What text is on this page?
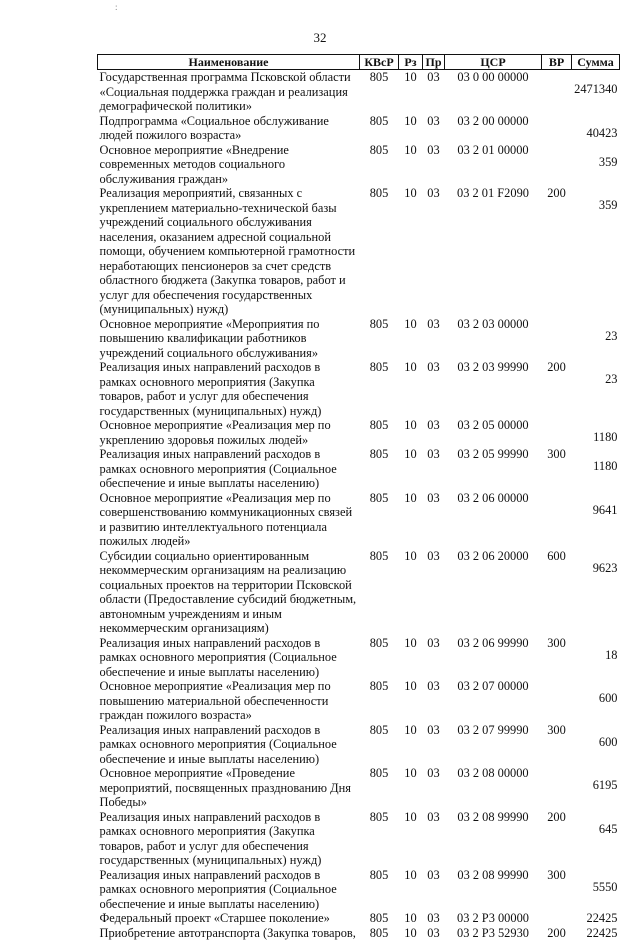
:
32
Наименование	КВсР	Рз	Пр	ЦСР	ВР	Сумма
Государственная программа Псковской области «Социальная поддержка граждан и реализация демографической политики»	805	10	03	03 0 00 00000		2471340
Подпрограмма «Социальное обслуживание людей пожилого возраста»	805	10	03	03 2 00 00000		40423
Основное мероприятие «Внедрение современных методов социального обслуживания граждан»	805	10	03	03 2 01 00000		359
Реализация мероприятий, связанных с укреплением материально-технической базы учреждений социального обслуживания населения, оказанием адресной социальной помощи, обучением компьютерной грамотности неработающих пенсионеров за счет средств областного бюджета (Закупка товаров, работ и услуг для обеспечения государственных (муниципальных) нужд)	805	10	03	03 2 01 F2090	200	359
Основное мероприятие «Мероприятия по повышению квалификации работников учреждений социального обслуживания»	805	10	03	03 2 03 00000		23
Реализация иных направлений расходов в рамках основного мероприятия (Закупка товаров, работ и услуг для обеспечения государственных (муниципальных) нужд)	805	10	03	03 2 03 99990	200	23
Основное мероприятие «Реализация мер по укреплению здоровья пожилых людей»	805	10	03	03 2 05 00000		1180
Реализация иных направлений расходов в рамках основного мероприятия (Социальное обеспечение и иные выплаты населению)	805	10	03	03 2 05 99990	300	1180
Основное мероприятие «Реализация мер по совершенствованию коммуникационных связей и развитию интеллектуального потенциала пожилых людей»	805	10	03	03 2 06 00000		9641
Субсидии социально ориентированным некоммерческим организациям на реализацию социальных проектов на территории Псковской области (Предоставление субсидий бюджетным, автономным учреждениям и иным некоммерческим организациям)	805	10	03	03 2 06 20000	600	9623
Реализация иных направлений расходов в рамках основного мероприятия (Социальное обеспечение и иные выплаты населению)	805	10	03	03 2 06 99990	300	18
Основное мероприятие «Реализация мер по повышению материальной обеспеченности граждан пожилого возраста»	805	10	03	03 2 07 00000		600
Реализация иных направлений расходов в рамках основного мероприятия (Социальное обеспечение и иные выплаты населению)	805	10	03	03 2 07 99990	300	600
Основное мероприятие «Проведение мероприятий, посвященных празднованию Дня Победы»	805	10	03	03 2 08 00000		6195
Реализация иных направлений расходов в рамках основного мероприятия (Закупка товаров, работ и услуг для обеспечения государственных (муниципальных) нужд)	805	10	03	03 2 08 99990	200	645
Реализация иных направлений расходов в рамках основного мероприятия (Социальное обеспечение и иные выплаты населению)	805	10	03	03 2 08 99990	300	5550
Федеральный проект «Старшее поколение»	805	10	03	03 2 P3 00000		22425
Приобретение автотранспорта (Закупка товаров,	805	10	03	03 2 P3 52930	200	22425
